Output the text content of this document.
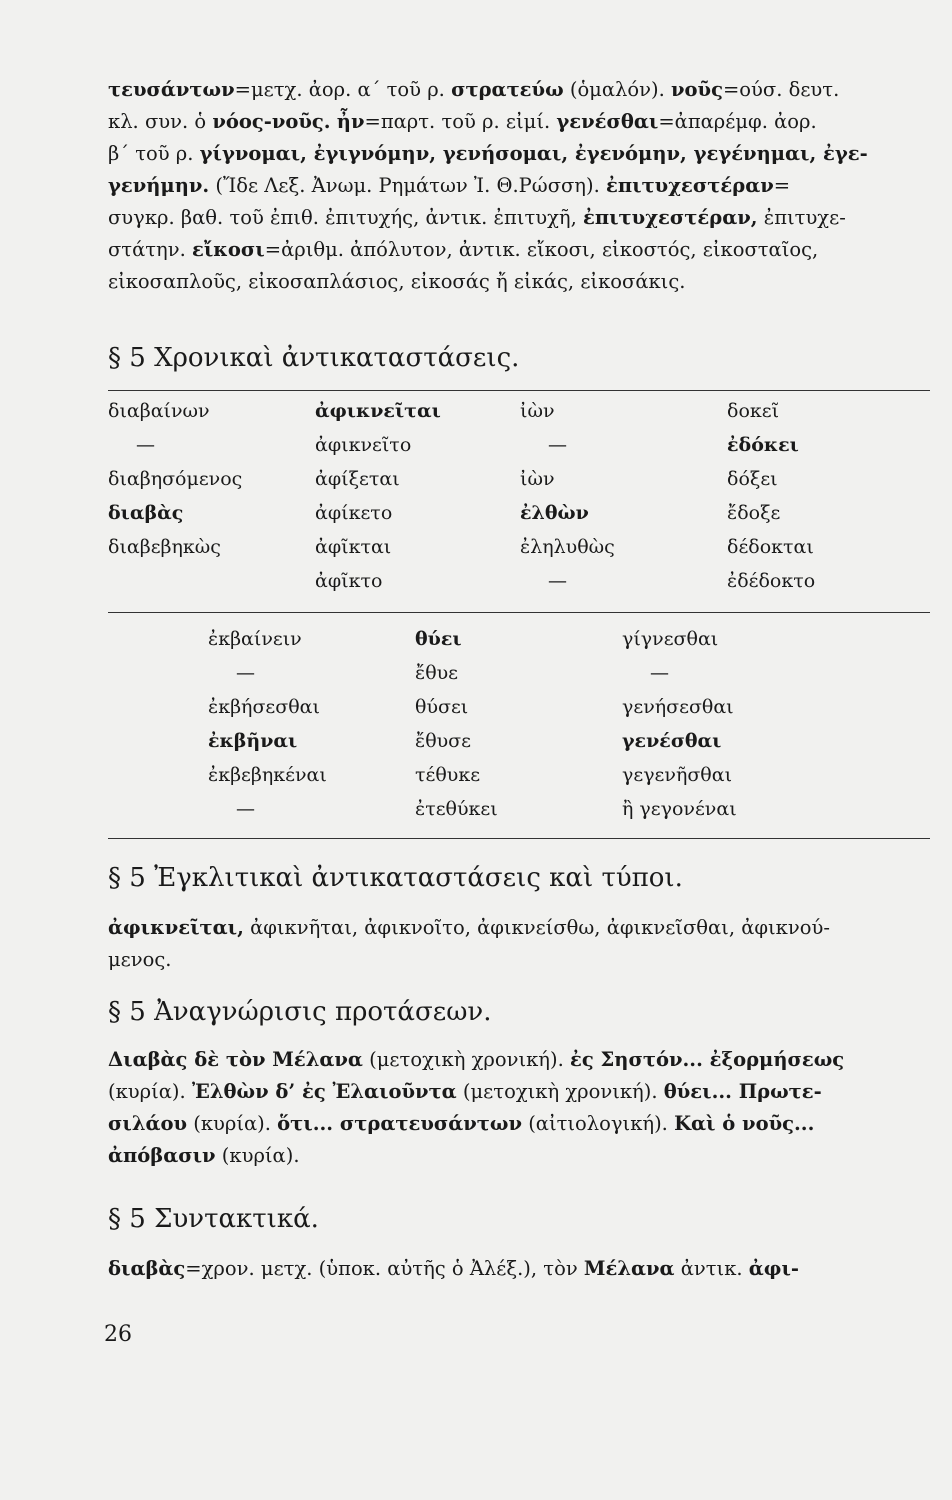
τευσάντων =μετχ. ἀορ. α΄ τοῦ ρ. στρατεύω (ὁμαλόν). νοῦς =ούσ. δευτ.
κλ. συν. ὁ νόος-νοῦς.
ἦν =παρτ. τοῦ ρ. εἰμί. γενέσθαι =ἀπαρέμφ. ἀορ.
β΄ τοῦ ρ. γίγνομαι, ἐγιγνόμην, γενήσομαι, ἐγενόμην, γεγένημαι, ἐγε-
γενήμην. (Ἴδε Λεξ. Ἀνωμ. Ρημάτων Ἰ. Θ.Ρώσση). ἐπιτυχεστέραν =
συγκρ. βαθ. τοῦ ἐπιθ. ἐπιτυχής, ἀντικ. ἐπιτυχῆ, ἐπιτυχεστέραν, ἐπιτυχε-
στάτην. εἴκοσι =ἀριθμ. ἀπόλυτον, ἀντικ. εἴκοσι, εἰκοστός, εἰκοσταῖος,
εἰκοσαπλοῦς, εἰκοσαπλάσιος, εἰκοσάς ἤ εἰκάς, εἰκοσάκις.
§ 5 Χρονικαὶ ἀντικαταστάσεις.
διαβαίνων
—
διαβησόμενος
διαβὰς
διαβεβηκὼς
ἀφικνεῖται
ἀφικνεῖτο
ἀφίξεται
ἀφίκετο
ἀφῖκται
ἀφῖκτο
ἰὼν
—
ἰὼν
ἐλθὼν
ἐληλυθὼς
—
δοκεῖ
ἐδόκει
δόξει
ἔδοξε
δέδοκται
ἐδέδοκτο
ἐκβαίνειν
—
ἐκβήσεσθαι
ἐκβῆναι
ἐκβεβηκέναι
—
θύει
ἔθυε
θύσει
ἔθυσε
τέθυκε
ἐτεθύκει
γίγνεσθαι
—
γενήσεσθαι
γενέσθαι
γεγενῆσθαι
ἢ γεγονέναι
§ 5 Ἐγκλιτικαὶ ἀντικαταστάσεις καὶ τύποι.
ἀφικνεῖται, ἀφικνῆται, ἀφικνοῖτο, ἀφικνείσθω, ἀφικνεῖσθαι, ἀφικνού-
μενος.
§ 5 Ἀναγνώρισις προτάσεων.
Διαβὰς δὲ τὸν Μέλανα (μετοχικὴ χρονική). ἐς Σηστόν... ἐξορμήσεως
(κυρία). Ἐλθὼν δ’ ἐς Ἐλαιοῦντα (μετοχικὴ χρονική). θύει... Πρωτε-
σιλάου (κυρία). ὅτι... στρατευσάντων (αἰτιολογική). Καὶ ὁ νοῦς...
ἀπόβασιν (κυρία).
§ 5 Συντακτικά.
διαβὰς =χρον. μετχ. (ὑποκ. αὐτῆς ὁ Ἀλέξ.), τὸν Μέλανα ἀντικ. ἀφι-
26
